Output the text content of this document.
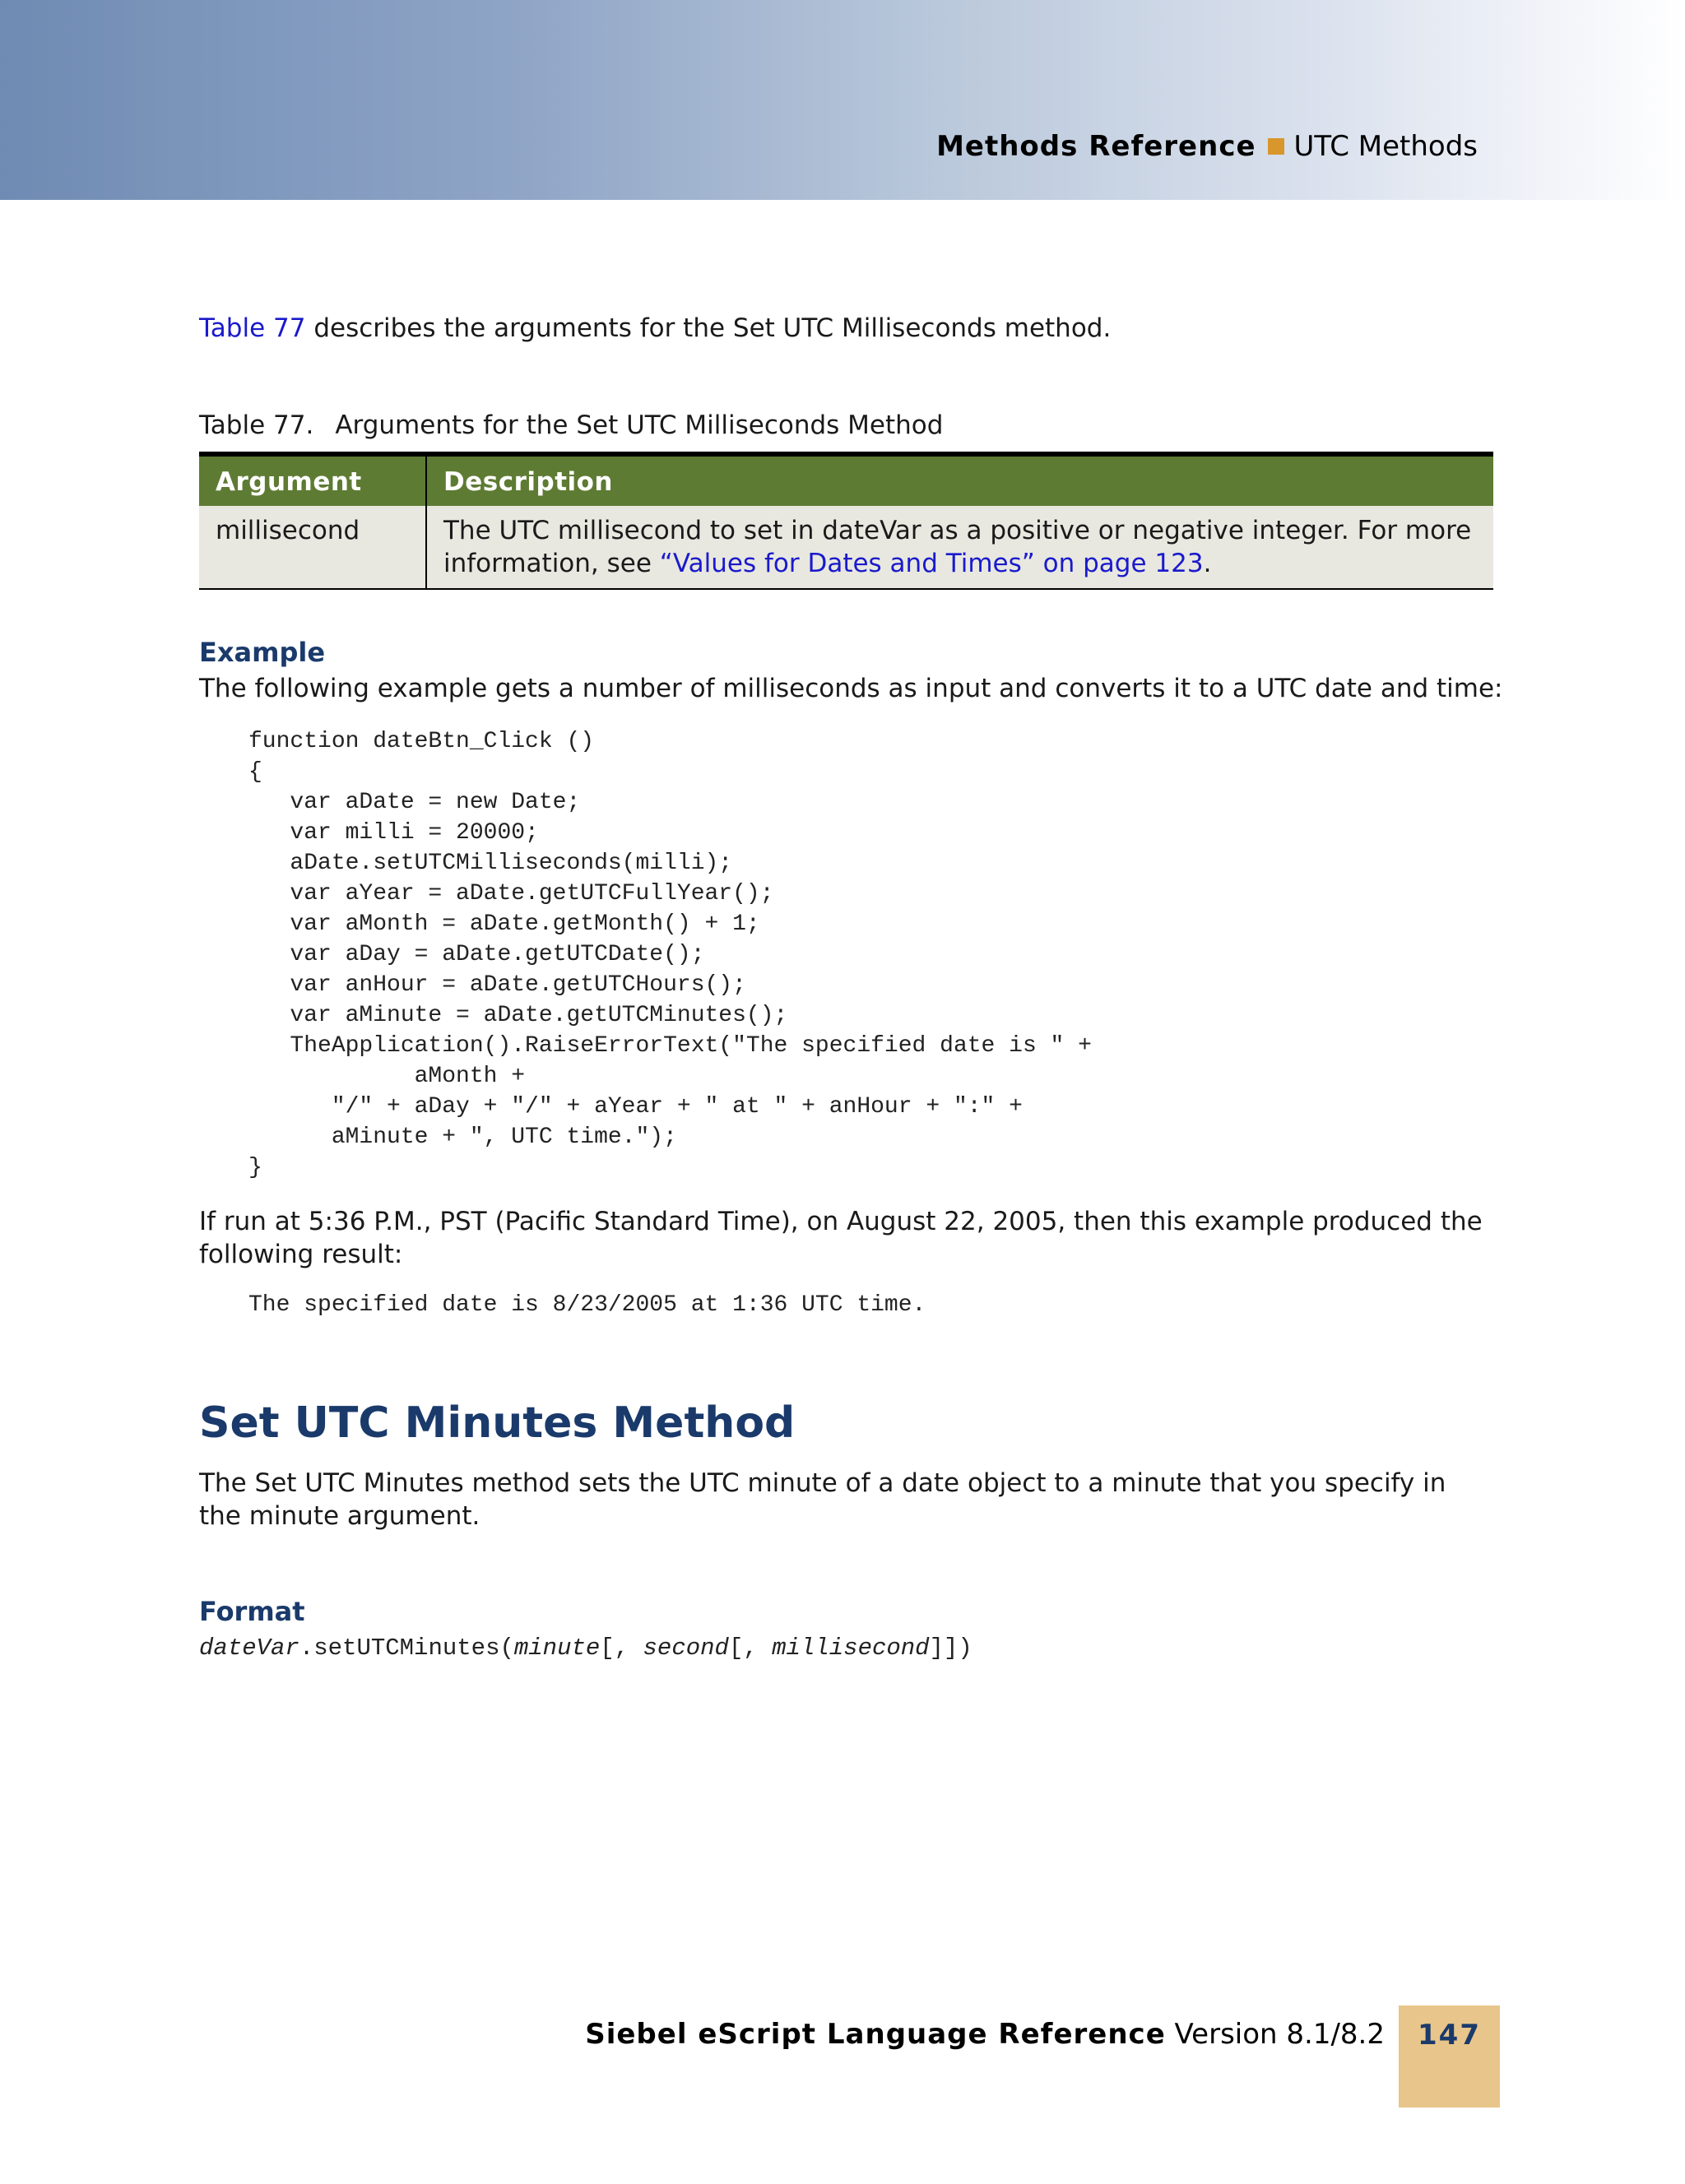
Methods Reference UTC Methods
Table 77 describes the arguments for the Set UTC Milliseconds method.
Table 77. Arguments for the Set UTC Milliseconds Method
Argument	Description
millisecond	The UTC millisecond to set in dateVar as a positive or negative integer. For more information, see “Values for Dates and Times” on page 123.
Example
The following example gets a number of milliseconds as input and converts it to a UTC date and time:
function dateBtn_Click ()
{
var aDate = new Date;
var milli = 20000;
aDate.setUTCMilliseconds(milli);
var aYear = aDate.getUTCFullYear();
var aMonth = aDate.getMonth() + 1;
var aDay = aDate.getUTCDate();
var anHour = aDate.getUTCHours();
var aMinute = aDate.getUTCMinutes();
TheApplication().RaiseErrorText("The specified date is " +
aMonth +
"/" + aDay + "/" + aYear + " at " + anHour + ":" +
aMinute + ", UTC time.");
}
If run at 5:36 P.M., PST (Pacific Standard Time), on August 22, 2005, then this example produced the following result:
The specified date is 8/23/2005 at 1:36 UTC time.
Set UTC Minutes Method
The Set UTC Minutes method sets the UTC minute of a date object to a minute that you specify in the minute argument.
Format
dateVar.setUTCMinutes(minute[, second[, millisecond]])
Siebel eScript Language Reference Version 8.1/8.2	147
